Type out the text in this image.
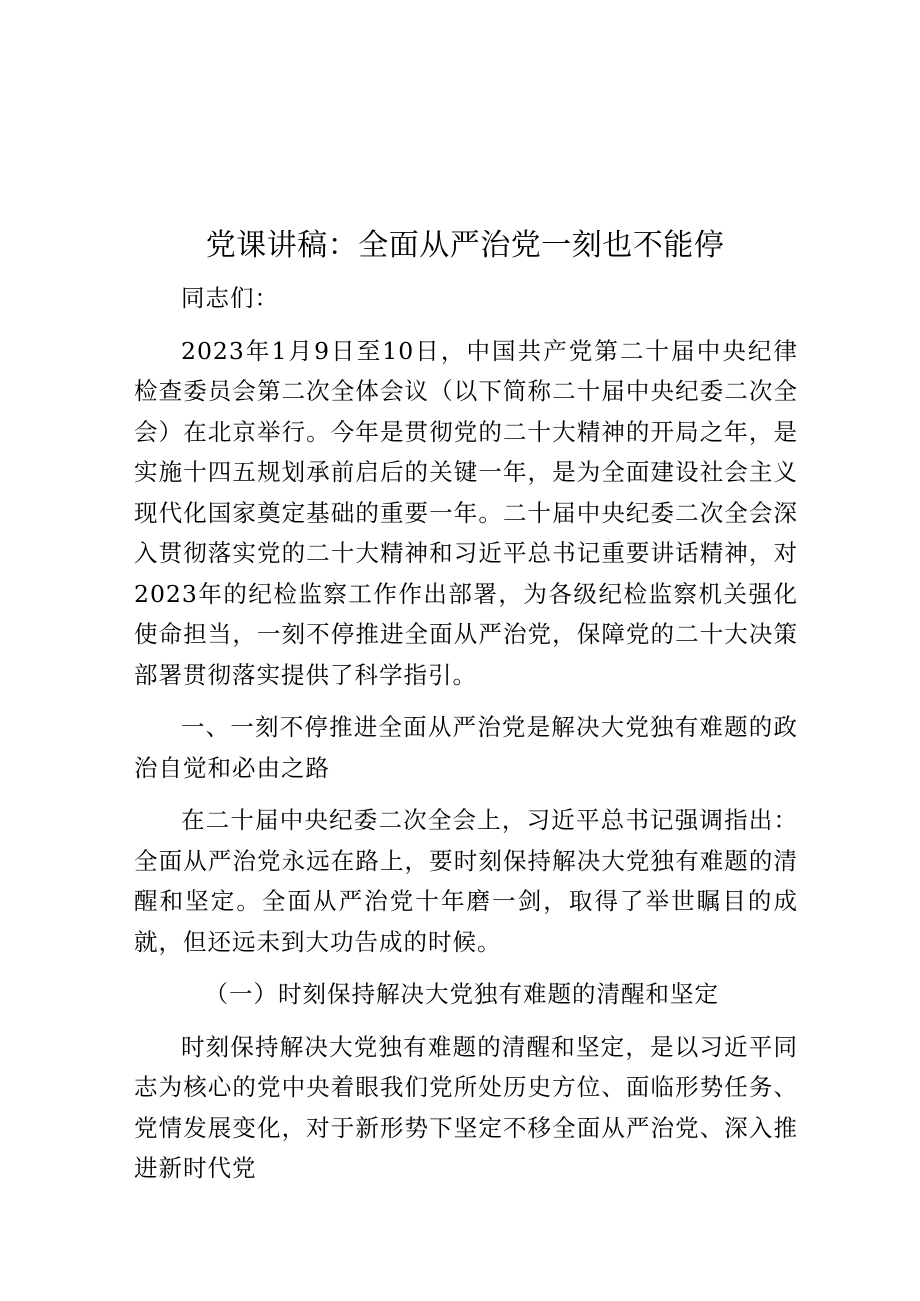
党课讲稿：全面从严治党一刻也不能停

同志们：

2023年1月9日至10日，中国共产党第二十届中央纪律检查委员会第二次全体会议（以下简称二十届中央纪委二次全会）在北京举行。今年是贯彻党的二十大精神的开局之年，是实施十四五规划承前启后的关键一年，是为全面建设社会主义现代化国家奠定基础的重要一年。二十届中央纪委二次全会深入贯彻落实党的二十大精神和习近平总书记重要讲话精神，对2023年的纪检监察工作作出部署，为各级纪检监察机关强化使命担当，一刻不停推进全面从严治党，保障党的二十大决策部署贯彻落实提供了科学指引。

一、一刻不停推进全面从严治党是解决大党独有难题的政治自觉和必由之路

在二十届中央纪委二次全会上，习近平总书记强调指出：全面从严治党永远在路上，要时刻保持解决大党独有难题的清醒和坚定。全面从严治党十年磨一剑，取得了举世瞩目的成就，但还远未到大功告成的时候。

（一）时刻保持解决大党独有难题的清醒和坚定

时刻保持解决大党独有难题的清醒和坚定，是以习近平同志为核心的党中央着眼我们党所处历史方位、面临形势任务、党情发展变化，对于新形势下坚定不移全面从严治党、深入推进新时代党
